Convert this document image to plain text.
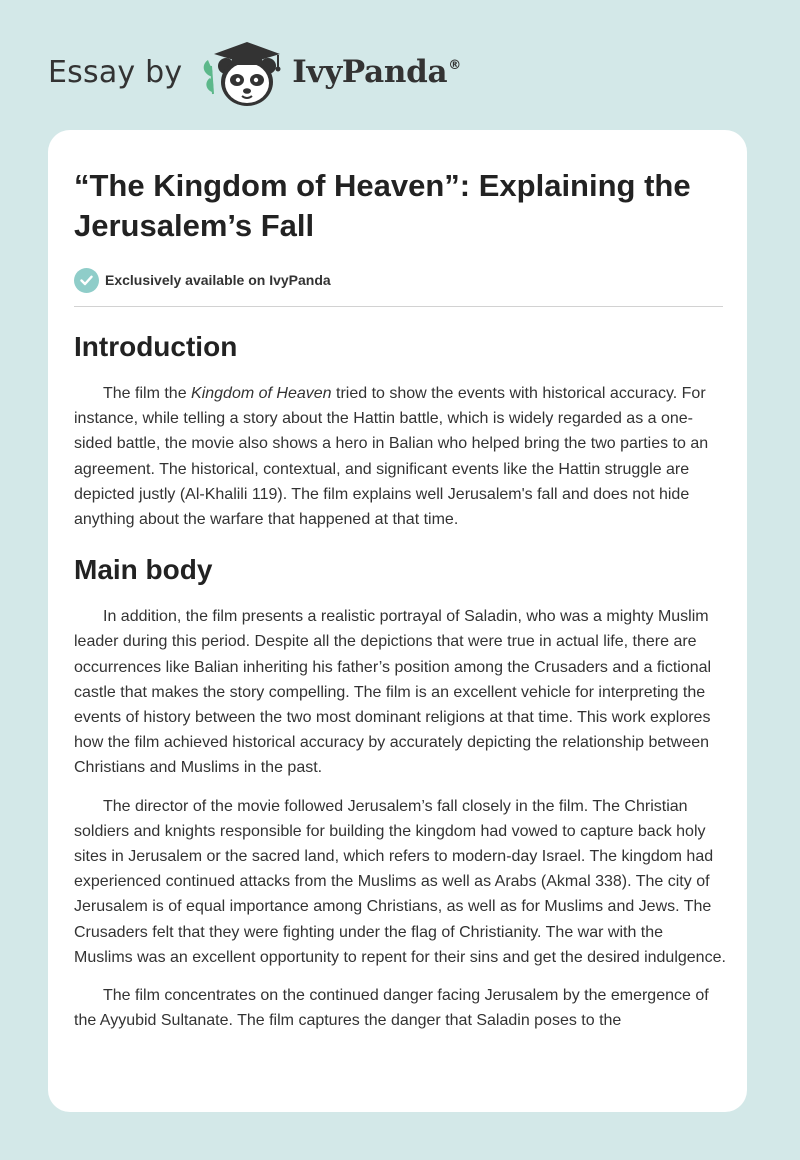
Essay by	IvyPanda®
“The Kingdom of Heaven”: Explaining the Jerusalem’s Fall
Exclusively available on IvyPanda
Introduction

The film the Kingdom of Heaven tried to show the events with historical accuracy. For instance, while telling a story about the Hattin battle, which is widely regarded as a one-sided battle, the movie also shows a hero in Balian who helped bring the two parties to an agreement. The historical, contextual, and significant events like the Hattin struggle are depicted justly (Al-Khalili 119). The film explains well Jerusalem's fall and does not hide anything about the warfare that happened at that time.

Main body

In addition, the film presents a realistic portrayal of Saladin, who was a mighty Muslim leader during this period. Despite all the depictions that were true in actual life, there are occurrences like Balian inheriting his father’s position among the Crusaders and a fictional castle that makes the story compelling. The film is an excellent vehicle for interpreting the events of history between the two most dominant religions at that time. This work explores how the film achieved historical accuracy by accurately depicting the relationship between Christians and Muslims in the past.

The director of the movie followed Jerusalem’s fall closely in the film. The Christian soldiers and knights responsible for building the kingdom had vowed to capture back holy sites in Jerusalem or the sacred land, which refers to modern-day Israel. The kingdom had experienced continued attacks from the Muslims as well as Arabs (Akmal 338). The city of Jerusalem is of equal importance among Christians, as well as for Muslims and Jews. The Crusaders felt that they were fighting under the flag of Christianity. The war with the Muslims was an excellent opportunity to repent for their sins and get the desired indulgence.

The film concentrates on the continued danger facing Jerusalem by the emergence of the Ayyubid Sultanate. The film captures the danger that Saladin poses to the
